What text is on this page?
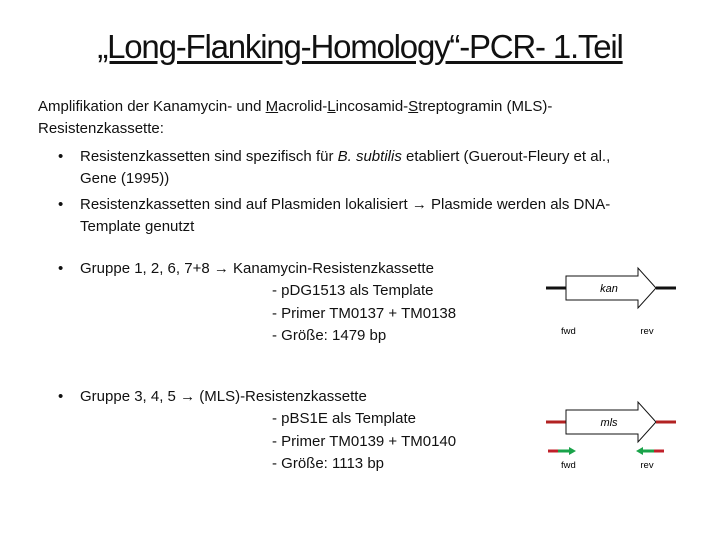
„Long-Flanking-Homology“-PCR- 1.Teil
Amplifikation der Kanamycin- und Macrolid-Lincosamid-Streptogramin (MLS)-
Resistenzkassette:
• Resistenzkassetten sind spezifisch für B. subtilis etabliert (Guerout-Fleury et al.,
Gene (1995))
• Resistenzkassetten sind auf Plasmiden lokalisiert → Plasmide werden als DNA-
Template genutzt
• Gruppe 1, 2, 6, 7+8 → Kanamycin-Resistenzkassette
- pDG1513 als Template
- Primer TM0137 + TM0138
- Größe: 1479 bp
kan
fwd	rev
• Gruppe 3, 4, 5 → (MLS)-Resistenzkassette
- pBS1E als Template
- Primer TM0139 + TM0140
- Größe: 1113 bp
mls
fwd	rev
